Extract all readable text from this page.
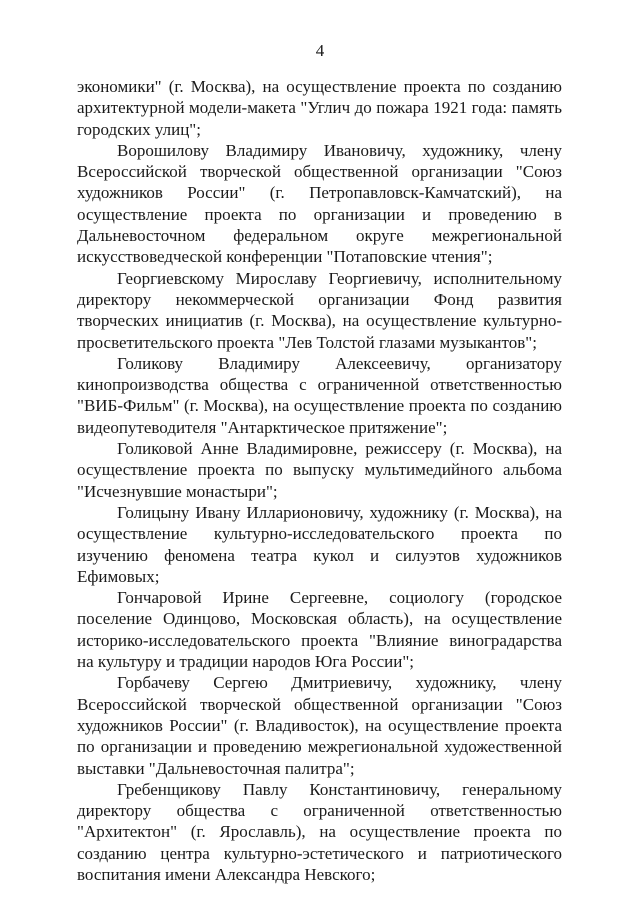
4

экономики" (г. Москва), на осуществление проекта по созданию архитектурной модели-макета "Углич до пожара 1921 года: память городских улиц";

Ворошилову Владимиру Ивановичу, художнику, члену Всероссийской творческой общественной организации "Союз художников России" (г. Петропавловск-Камчатский), на осуществление проекта по организации и проведению в Дальневосточном федеральном округе межрегиональной искусствоведческой конференции "Потаповские чтения";

Георгиевскому Мирославу Георгиевичу, исполнительному директору некоммерческой организации Фонд развития творческих инициатив (г. Москва), на осуществление культурно-просветительского проекта "Лев Толстой глазами музыкантов";

Голикову Владимиру Алексеевичу, организатору кинопроизводства общества с ограниченной ответственностью "ВИБ-Фильм" (г. Москва), на осуществление проекта по созданию видеопутеводителя "Антарктическое притяжение";

Голиковой Анне Владимировне, режиссеру (г. Москва), на осуществление проекта по выпуску мультимедийного альбома "Исчезнувшие монастыри";

Голицыну Ивану Илларионовичу, художнику (г. Москва), на осуществление культурно-исследовательского проекта по изучению феномена театра кукол и силуэтов художников Ефимовых;

Гончаровой Ирине Сергеевне, социологу (городское поселение Одинцово, Московская область), на осуществление историко-исследовательского проекта "Влияние виноградарства на культуру и традиции народов Юга России";

Горбачеву Сергею Дмитриевичу, художнику, члену Всероссийской творческой общественной организации "Союз художников России" (г. Владивосток), на осуществление проекта по организации и проведению межрегиональной художественной выставки "Дальневосточная палитра";

Гребенщикову Павлу Константиновичу, генеральному директору общества с ограниченной ответственностью "Архитектон" (г. Ярославль), на осуществление проекта по созданию центра культурно-эстетического и патриотического воспитания имени Александра Невского;
